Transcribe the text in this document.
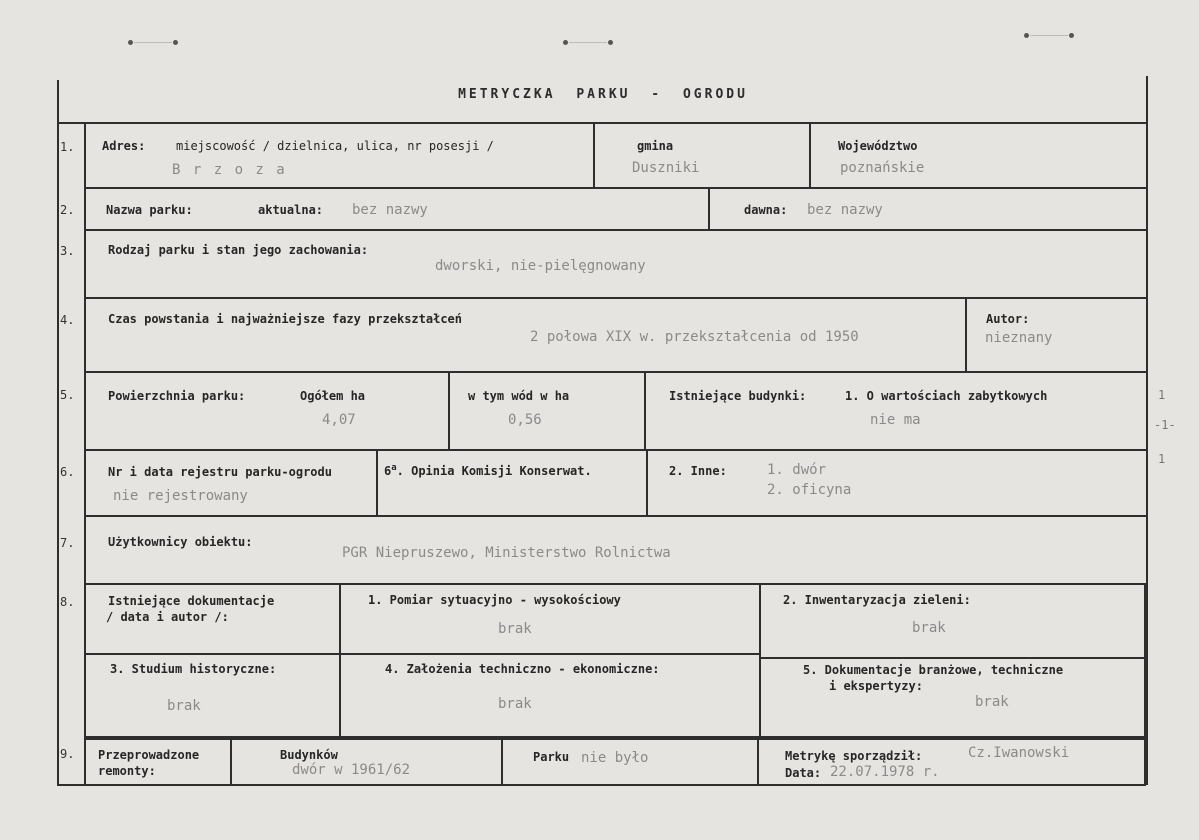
METRYCZKA PARKU - OGRODU
1.	Adres:	miejscowość / dzielnica, ulica, nr posesji /
B r z o z a
gmina
Duszniki
Województwo
poznańskie
2.	Nazwa parku:	aktualna: bez nazwy	dawna: bez nazwy
3.	Rodzaj parku i stan jego zachowania:
dworski, nie-pielęgnowany
4.	Czas powstania i najważniejsze fazy przekształceń
2 połowa XIX w. przekształcenia od 1950
Autor:
nieznany
5.	Powierzchnia parku:	Ogółem ha
4,07
w tym wód w ha
0,56
Istniejące budynki:	1. O wartościach zabytkowych
nie ma
6.	Nr i data rejestru parku-ogrodu
nie rejestrowany
6$^a$. Opinia Komisji Konserwat.	2. Inne:	1. dwór
2. oficyna
7.	Użytkownicy obiektu:
PGR Niepruszewo, Ministerstwo Rolnictwa
8.	Istniejące dokumentacje
/ data i autor /:
1. Pomiar sytuacyjno - wysokościowy
brak
2. Inwentaryzacja zieleni:
brak
3. Studium historyczne:
brak
4. Założenia techniczno - ekonomiczne:
brak
5. Dokumentacje branżowe, techniczne
i ekspertyzy:
brak
9.	Przeprowadzone
remonty:
Budynków
dwór w 1961/62
Parku nie było	Metrykę sporządził:	Cz.Iwanowski
Data: 22.07.1978 r.
1
-1-
1
